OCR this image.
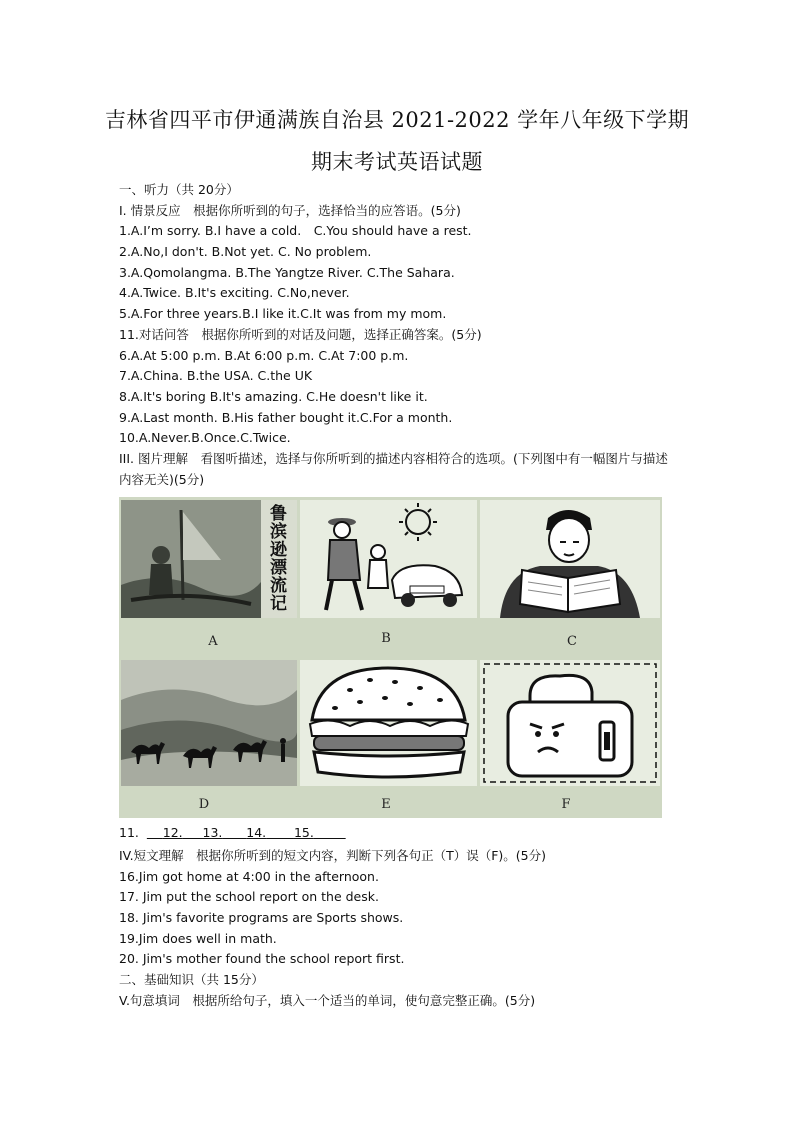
吉林省四平市伊通满族自治县 2021-2022 学年八年级下学期
期末考试英语试题
一、听力（共 20分）
I. 情景反应　根据你所听到的句子，选择恰当的应答语。(5分)
1.A.I’m sorry. B.I have a cold.　C.You should have a rest.
2.A.No,I don't. B.Not yet. C. No problem.
3.A.Qomolangma. B.The Yangtze River. C.The Sahara.
4.A.Twice. B.It's exciting. C.No,never.
5.A.For three years.B.I like it.C.It was from my mom.
11.对话问答　根据你所听到的对话及问题，选择正确答案。(5分)
6.A.At 5:00 p.m. B.At 6:00 p.m. C.At 7:00 p.m.
7.A.China. B.the USA. C.the UK
8.A.It's boring B.It's amazing. C.He doesn't like it.
9.A.Last month. B.His father bought it.C.For a month.
10.A.Never.B.Once.C.Twice.
III. 图片理解　看图听描述，选择与你所听到的描述内容相符合的选项。(下列图中有一幅图片与描述内容无关)(5分)
鲁滨逊漂流记
A	B	C
D	E	F
11. 12. 13. 14. 15.
IV.短文理解　根据你所听到的短文内容，判断下列各句正（T）误（F)。(5分)
16.Jim got home at 4:00 in the afternoon.
17. Jim put the school report on the desk.
18. Jim's favorite programs are Sports shows.
19.Jim does well in math.
20. Jim's mother found the school report first.
二、基础知识（共 15分）
V.句意填词　根据所给句子，填入一个适当的单词，使句意完整正确。(5分)
